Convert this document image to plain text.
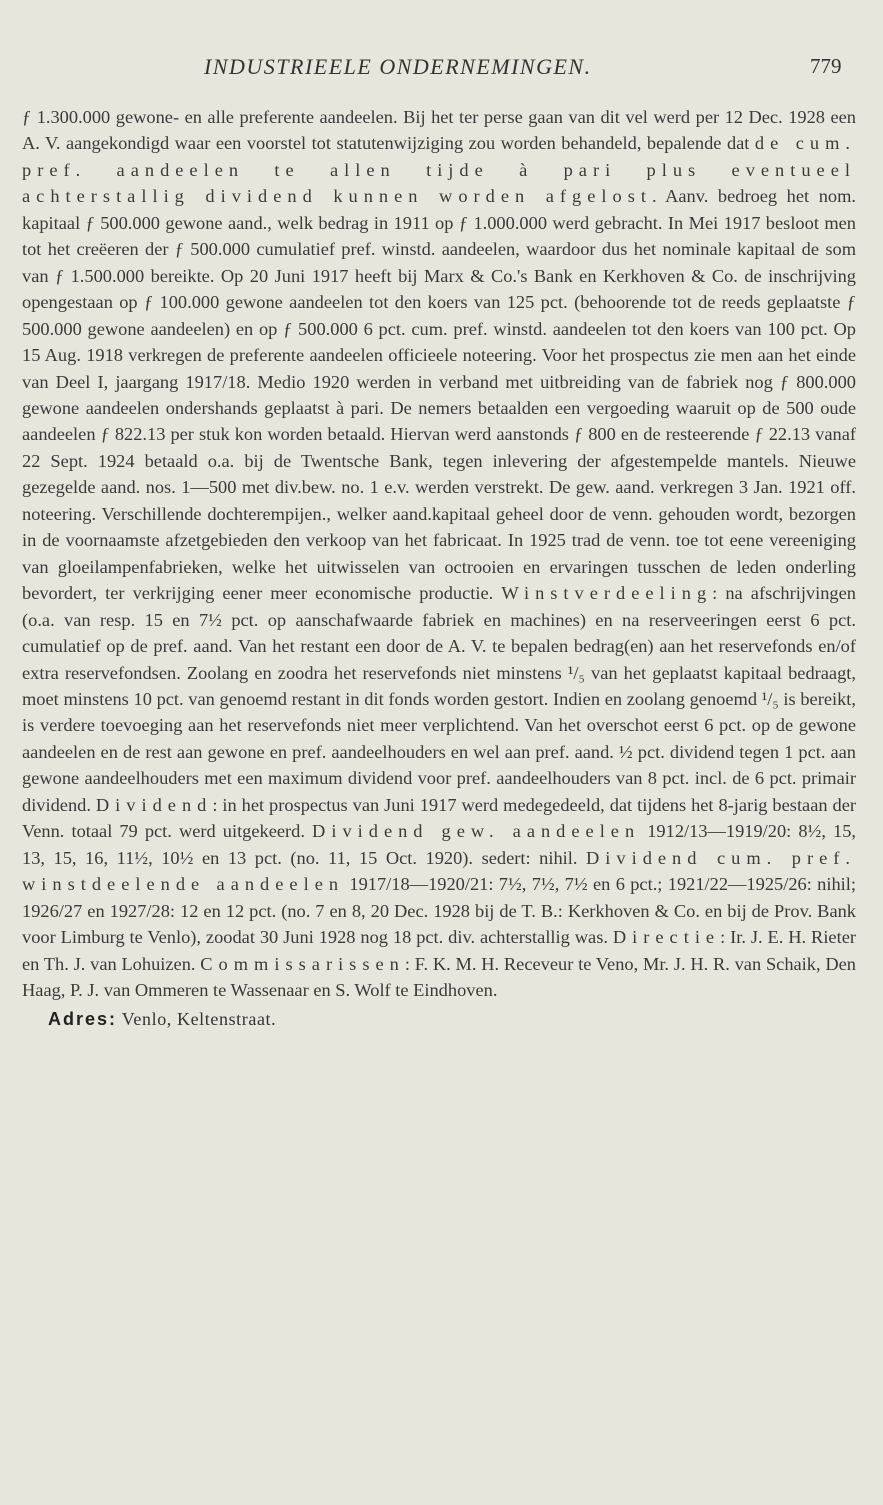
INDUSTRIEELE ONDERNEMINGEN.	779

ƒ 1.300.000 gewone- en alle preferente aandeelen. Bij het ter perse gaan van dit vel werd per 12 Dec. 1928 een A. V. aangekondigd waar een voorstel tot statutenwijziging zou worden behandeld, bepalende dat de cum. pref. aandeelen te allen tijde à pari plus eventueel achterstallig dividend kunnen worden afgelost. Aanv. bedroeg het nom. kapitaal ƒ 500.000 gewone aand., welk bedrag in 1911 op ƒ 1.000.000 werd gebracht. In Mei 1917 besloot men tot het creëeren der ƒ 500.000 cumulatief pref. winstd. aandeelen, waardoor dus het nominale kapitaal de som van ƒ 1.500.000 bereikte. Op 20 Juni 1917 heeft bij Marx & Co.'s Bank en Kerkhoven & Co. de inschrijving opengestaan op ƒ 100.000 gewone aandeelen tot den koers van 125 pct. (behoorende tot de reeds geplaatste ƒ 500.000 gewone aandeelen) en op ƒ 500.000 6 pct. cum. pref. winstd. aandeelen tot den koers van 100 pct. Op 15 Aug. 1918 verkregen de preferente aandeelen officieele noteering. Voor het prospectus zie men aan het einde van Deel I, jaargang 1917/18. Medio 1920 werden in verband met uitbreiding van de fabriek nog ƒ 800.000 gewone aandeelen ondershands geplaatst à pari. De nemers betaalden een vergoeding waaruit op de 500 oude aandeelen ƒ 822.13 per stuk kon worden betaald. Hiervan werd aanstonds ƒ 800 en de resteerende ƒ 22.13 vanaf 22 Sept. 1924 betaald o.a. bij de Twentsche Bank, tegen inlevering der afgestempelde mantels. Nieuwe gezegelde aand. nos. 1—500 met div.bew. no. 1 e.v. werden verstrekt. De gew. aand. verkregen 3 Jan. 1921 off. noteering. Verschillende dochterempijen., welker aand.kapitaal geheel door de venn. gehouden wordt, bezorgen in de voornaamste afzetgebieden den verkoop van het fabricaat. In 1925 trad de venn. toe tot eene vereeniging van gloeilampenfabrieken, welke het uitwisselen van octrooien en ervaringen tusschen de leden onderling bevordert, ter verkrijging eener meer economische productie. Winstverdeeling: na afschrijvingen (o.a. van resp. 15 en 7½ pct. op aanschafwaarde fabriek en machines) en na reserveeringen eerst 6 pct. cumulatief op de pref. aand. Van het restant een door de A. V. te bepalen bedrag(en) aan het reservefonds en/of extra reservefondsen. Zoolang en zoodra het reservefonds niet minstens ¹/₅ van het geplaatst kapitaal bedraagt, moet minstens 10 pct. van genoemd restant in dit fonds worden gestort. Indien en zoolang genoemd ¹/₅ is bereikt, is verdere toevoeging aan het reservefonds niet meer verplichtend. Van het overschot eerst 6 pct. op de gewone aandeelen en de rest aan gewone en pref. aandeelhouders en wel aan pref. aand. ½ pct. dividend tegen 1 pct. aan gewone aandeelhouders met een maximum dividend voor pref. aandeelhouders van 8 pct. incl. de 6 pct. primair dividend. Dividend: in het prospectus van Juni 1917 werd medegedeeld, dat tijdens het 8-jarig bestaan der Venn. totaal 79 pct. werd uitgekeerd. Dividend gew. aandeelen 1912/13—1919/20: 8½, 15, 13, 15, 16, 11½, 10½ en 13 pct. (no. 11, 15 Oct. 1920). sedert: nihil. Dividend cum. pref. winstdeelende aandeelen 1917/18—1920/21: 7½, 7½, 7½ en 6 pct.; 1921/22—1925/26: nihil; 1926/27 en 1927/28: 12 en 12 pct. (no. 7 en 8, 20 Dec. 1928 bij de T. B.: Kerkhoven & Co. en bij de Prov. Bank voor Limburg te Venlo), zoodat 30 Juni 1928 nog 18 pct. div. achterstallig was. Directie: Ir. J. E. H. Rieter en Th. J. van Lohuizen. Commissarissen: F. K. M. H. Receveur te Veno, Mr. J. H. R. van Schaik, Den Haag, P. J. van Ommeren te Wassenaar en S. Wolf te Eindhoven.

Adres: Venlo, Keltenstraat.
